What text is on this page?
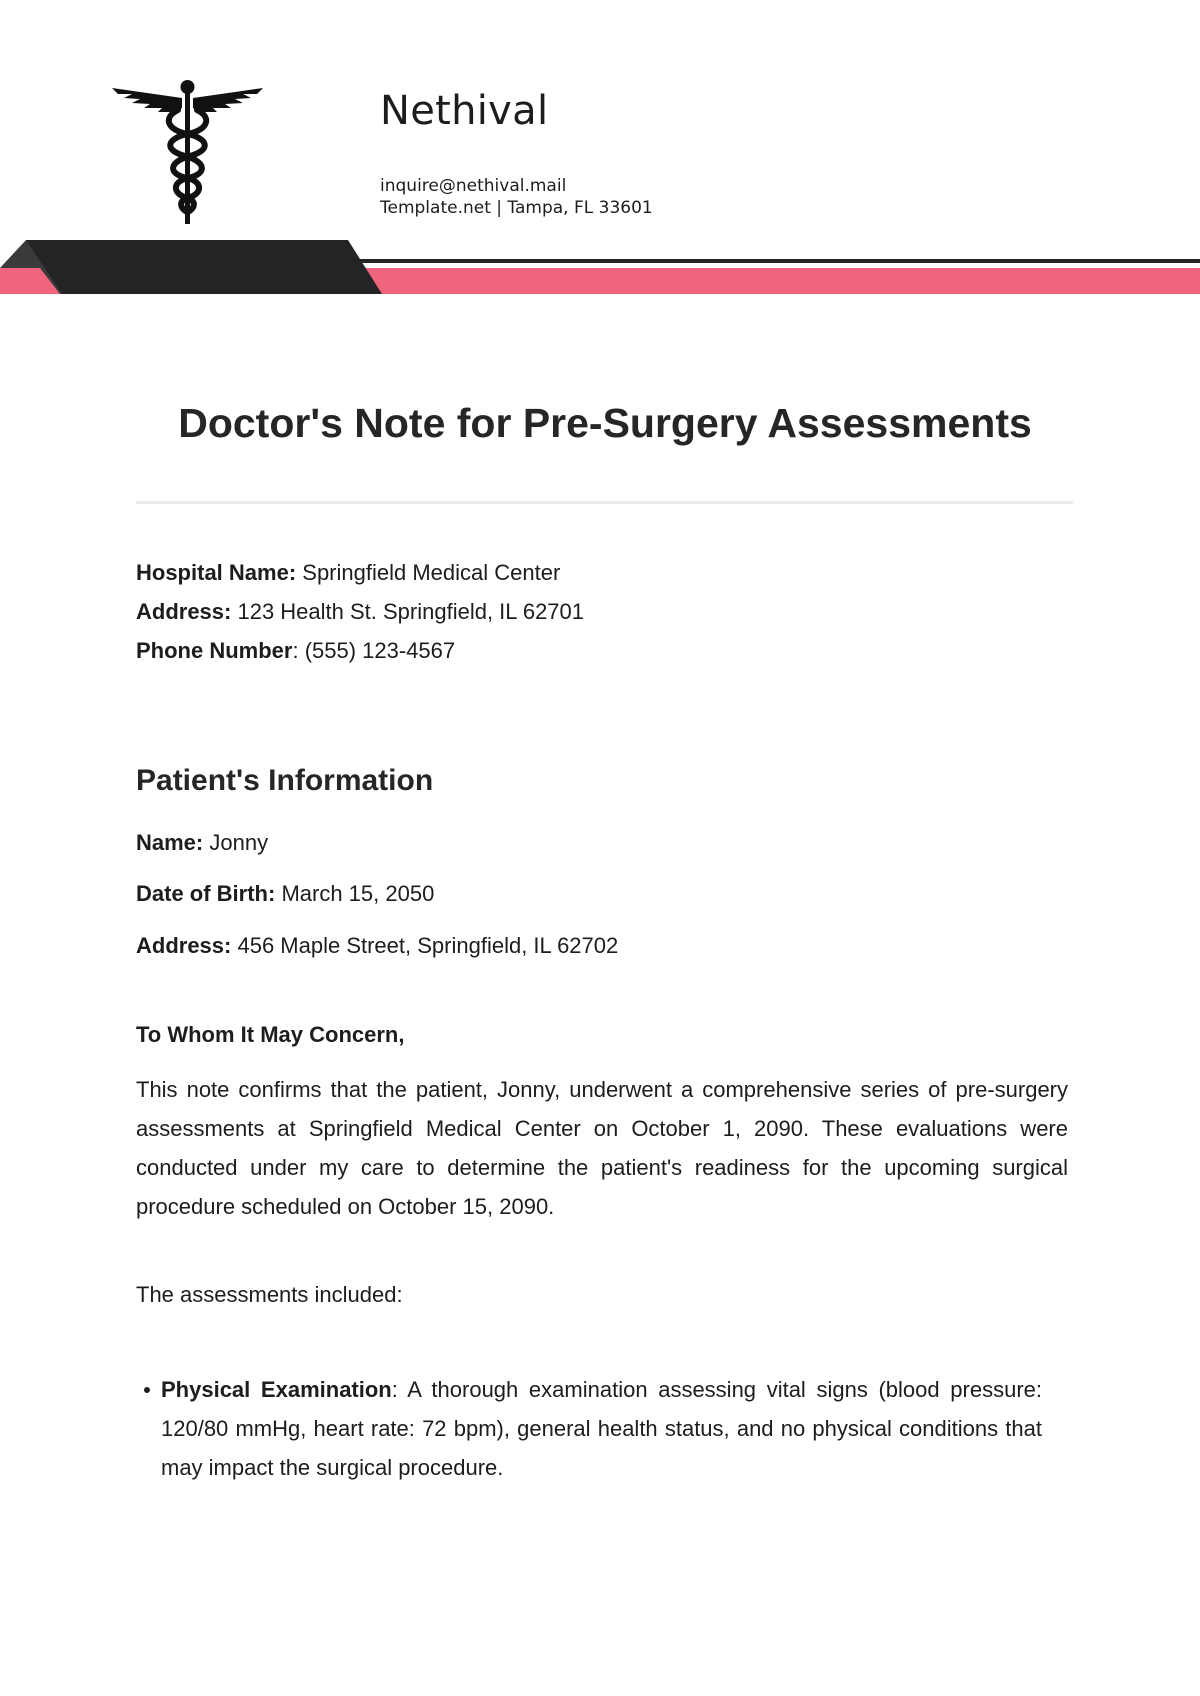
Nethival
inquire@nethival.mail
Template.net | Tampa, FL 33601
Doctor's Note for Pre-Surgery Assessments
Hospital Name: Springfield Medical Center
Address: 123 Health St. Springfield, IL 62701
Phone Number: (555) 123-4567
Patient's Information
Name: Jonny
Date of Birth: March 15, 2050
Address: 456 Maple Street, Springfield, IL 62702
To Whom It May Concern,
This note confirms that the patient, Jonny, underwent a comprehensive series of pre-surgery assessments at Springfield Medical Center on October 1, 2090. These evaluations were conducted under my care to determine the patient's readiness for the upcoming surgical procedure scheduled on October 15, 2090.
The assessments included:
Physical Examination: A thorough examination assessing vital signs (blood pressure: 120/80 mmHg, heart rate: 72 bpm), general health status, and no physical conditions that may impact the surgical procedure.
